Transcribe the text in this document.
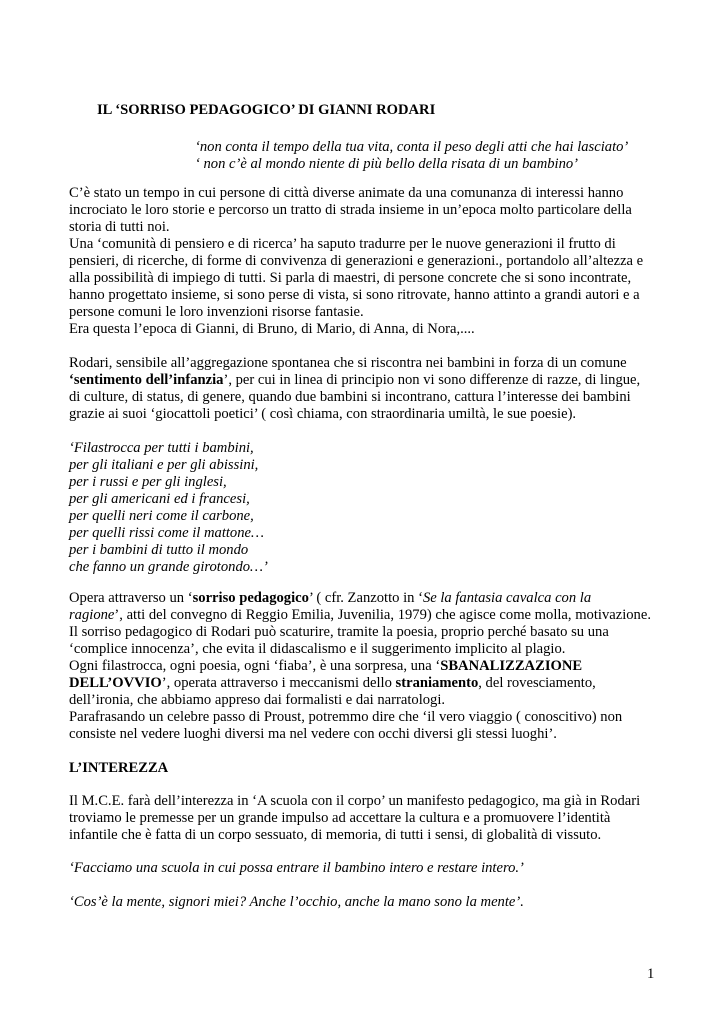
IL ‘SORRISO PEDAGOGICO’ DI GIANNI RODARI
‘non conta il tempo della tua vita, conta il peso degli atti che hai lasciato’
‘ non c’è al mondo niente di più bello della risata di un bambino’
C’è stato un tempo in cui persone di città diverse animate da una comunanza di interessi hanno
incrociato le loro storie e percorso un tratto di strada insieme in un’epoca molto particolare della
storia di tutti noi.
Una ‘comunità di pensiero e di ricerca’ ha saputo tradurre per le nuove generazioni il frutto di
pensieri, di ricerche, di forme di convivenza di generazioni e generazioni., portandolo all’altezza e
alla possibilità di impiego di tutti. Si parla di maestri, di persone concrete che si sono incontrate,
hanno progettato insieme, si sono perse di vista, si sono ritrovate, hanno attinto a grandi autori e a
persone comuni le loro invenzioni risorse fantasie.
Era questa l’epoca di Gianni, di Bruno, di Mario, di Anna, di Nora,....
Rodari, sensibile all’aggregazione spontanea che si riscontra nei bambini in forza di un comune
‘sentimento dell’infanzia’, per cui in linea di principio non vi sono differenze di razze, di lingue,
di culture, di status, di genere, quando due bambini si incontrano, cattura l’interesse dei bambini
grazie ai suoi ‘giocattoli poetici’ ( così chiama, con straordinaria umiltà, le sue poesie).
‘Filastrocca per tutti i bambini,
per gli italiani e per gli abissini,
per i russi e per gli inglesi,
per gli americani ed i francesi,
per quelli neri come il carbone,
per quelli rissi come il mattone…
per i bambini di tutto il mondo
che fanno un grande girotondo…’
Opera attraverso un ‘sorriso pedagogico’ ( cfr. Zanzotto in ‘Se la fantasia cavalca con la
ragione’, atti del convegno di Reggio Emilia, Juvenilia, 1979) che agisce come molla, motivazione.
Il sorriso pedagogico di Rodari può scaturire, tramite la poesia, proprio perché basato su una
‘complice innocenza’, che evita il didascalismo e il suggerimento implicito al plagio.
Ogni filastrocca, ogni poesia, ogni ‘fiaba’, è una sorpresa, una ‘SBANALIZZAZIONE
DELL’OVVIO’, operata attraverso i meccanismi dello straniamento, del rovesciamento,
dell’ironia, che abbiamo appreso dai formalisti e dai narratologi.
Parafrasando un celebre passo di Proust, potremmo dire che ‘il vero viaggio ( conoscitivo) non
consiste nel vedere luoghi diversi ma nel vedere con occhi diversi gli stessi luoghi’.
L’INTEREZZA
Il M.C.E. farà dell’interezza in ‘A scuola con il corpo’ un manifesto pedagogico, ma già in Rodari
troviamo le premesse per un grande impulso ad accettare la cultura e a promuovere l’identità
infantile che è fatta di un corpo sessuato, di memoria, di tutti i sensi, di globalità di vissuto.
‘Facciamo una scuola in cui possa entrare il bambino intero e restare intero.’
‘Cos’è la mente, signori miei? Anche l’occhio, anche la mano sono la mente’.
1
